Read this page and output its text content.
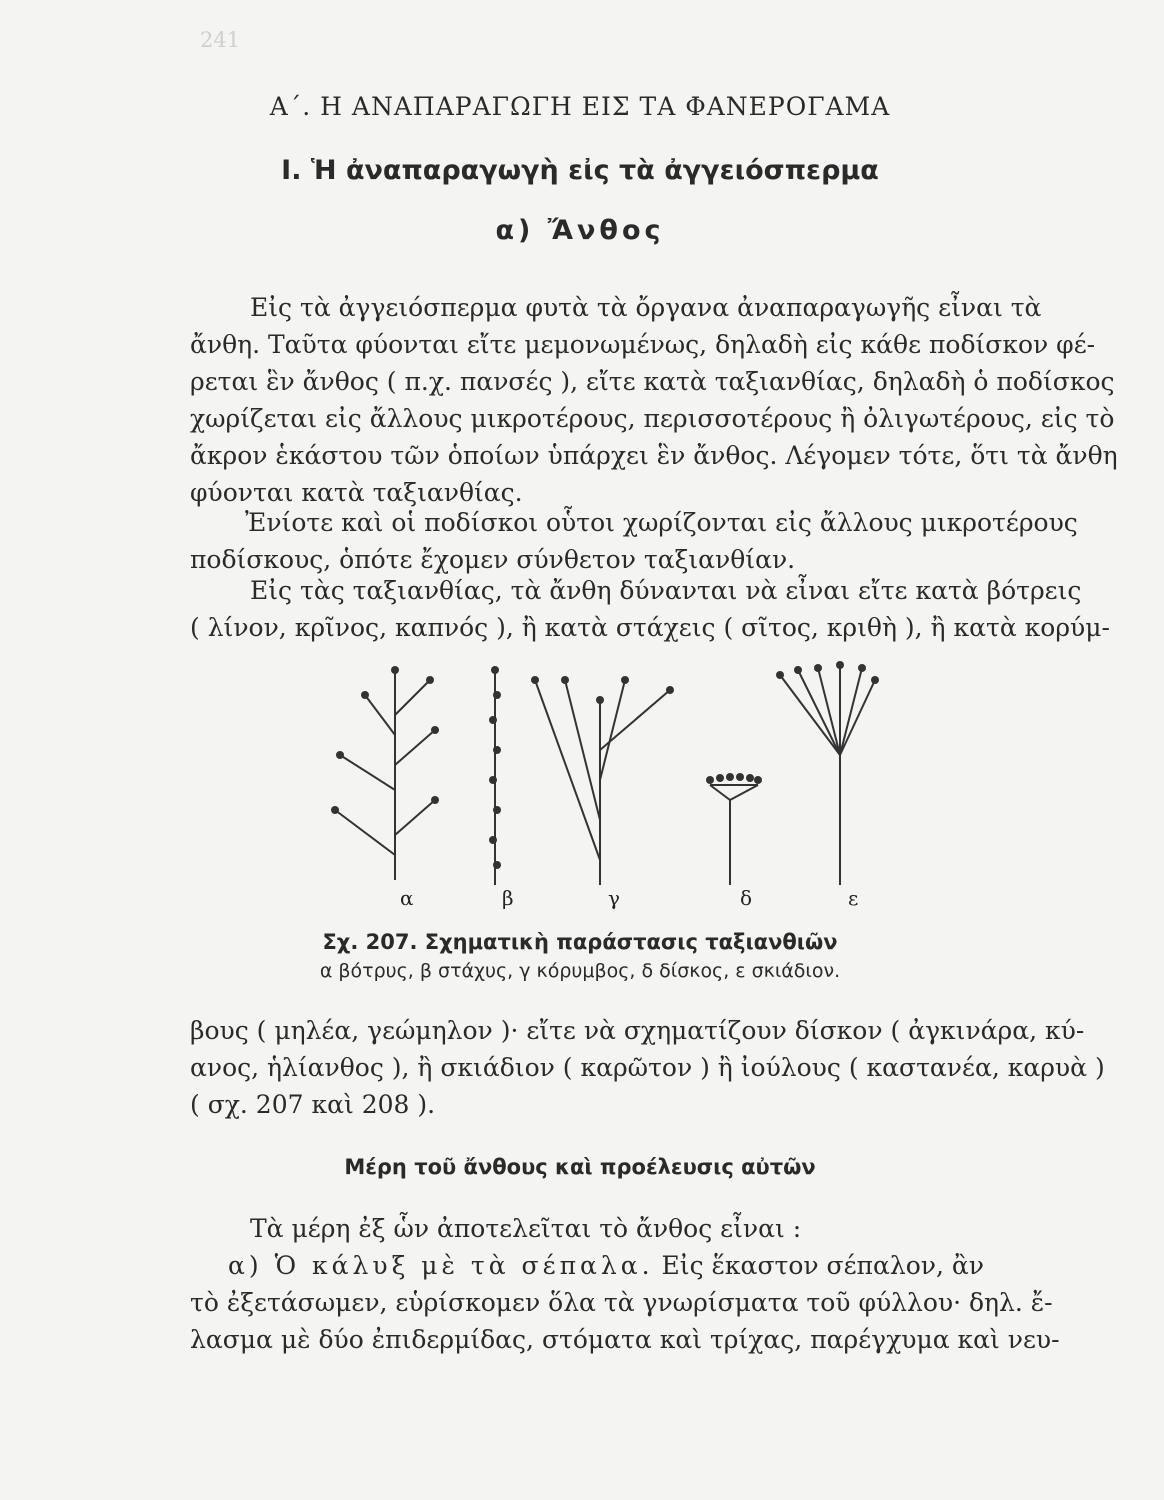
241
Α΄. Η ΑΝΑΠΑΡΑΓΩΓΗ ΕΙΣ ΤΑ ΦΑΝΕΡΟΓΑΜΑ
Ι. Ἡ ἀναπαραγωγὴ εἰς τὰ ἀγγειόσπερμα
α) Ἄνθος
Εἰς τὰ ἀγγειόσπερμα φυτὰ τὰ ὄργανα ἀναπαραγωγῆς εἶναι τὰ
ἄνθη. Ταῦτα φύονται εἴτε μεμονωμένως, δηλαδὴ εἰς κάθε ποδίσκον φέ-
ρεται ἓν ἄνθος ( π.χ. πανσές ), εἴτε κατὰ ταξιανθίας, δηλαδὴ ὁ ποδίσκος
χωρίζεται εἰς ἄλλους μικροτέρους, περισσοτέρους ἢ ὀλιγωτέρους, εἰς τὸ
ἄκρον ἑκάστου τῶν ὁποίων ὑπάρχει ἓν ἄνθος. Λέγομεν τότε, ὅτι τὰ ἄνθη
φύονται κατὰ ταξιανθίας.
Ἐνίοτε καὶ οἱ ποδίσκοι οὗτοι χωρίζονται εἰς ἄλλους μικροτέρους
ποδίσκους, ὁπότε ἔχομεν σύνθετον ταξιανθίαν.
Εἰς τὰς ταξιανθίας, τὰ ἄνθη δύνανται νὰ εἶναι εἴτε κατὰ βότρεις
( λίνον, κρῖνος, καπνός ), ἢ κατὰ στάχεις ( σῖτος, κριθὴ ), ἢ κατὰ κορύμ-
α	β	γ	δ	ε
Σχ. 207. Σχηματικὴ παράστασις ταξιανθιῶν
α βότρυς, β στάχυς, γ κόρυμβος, δ δίσκος, ε σκιάδιον.
βους ( μηλέα, γεώμηλον )· εἴτε νὰ σχηματίζουν δίσκον ( ἀγκινάρα, κύ-
ανος, ἡλίανθος ), ἢ σκιάδιον ( καρῶτον ) ἢ ἰούλους ( καστανέα, καρυὰ )
( σχ. 207 καὶ 208 ).
Μέρη τοῦ ἄνθους καὶ προέλευσις αὐτῶν
Τὰ μέρη ἐξ ὧν ἀποτελεῖται τὸ ἄνθος εἶναι :
α) Ὁ κάλυξ μὲ τὰ σέπαλα. Εἰς ἕκαστον σέπαλον, ἂν
τὸ ἐξετάσωμεν, εὑρίσκομεν ὅλα τὰ γνωρίσματα τοῦ φύλλου· δηλ. ἔ-
λασμα μὲ δύο ἐπιδερμίδας, στόματα καὶ τρίχας, παρέγχυμα καὶ νευ-
